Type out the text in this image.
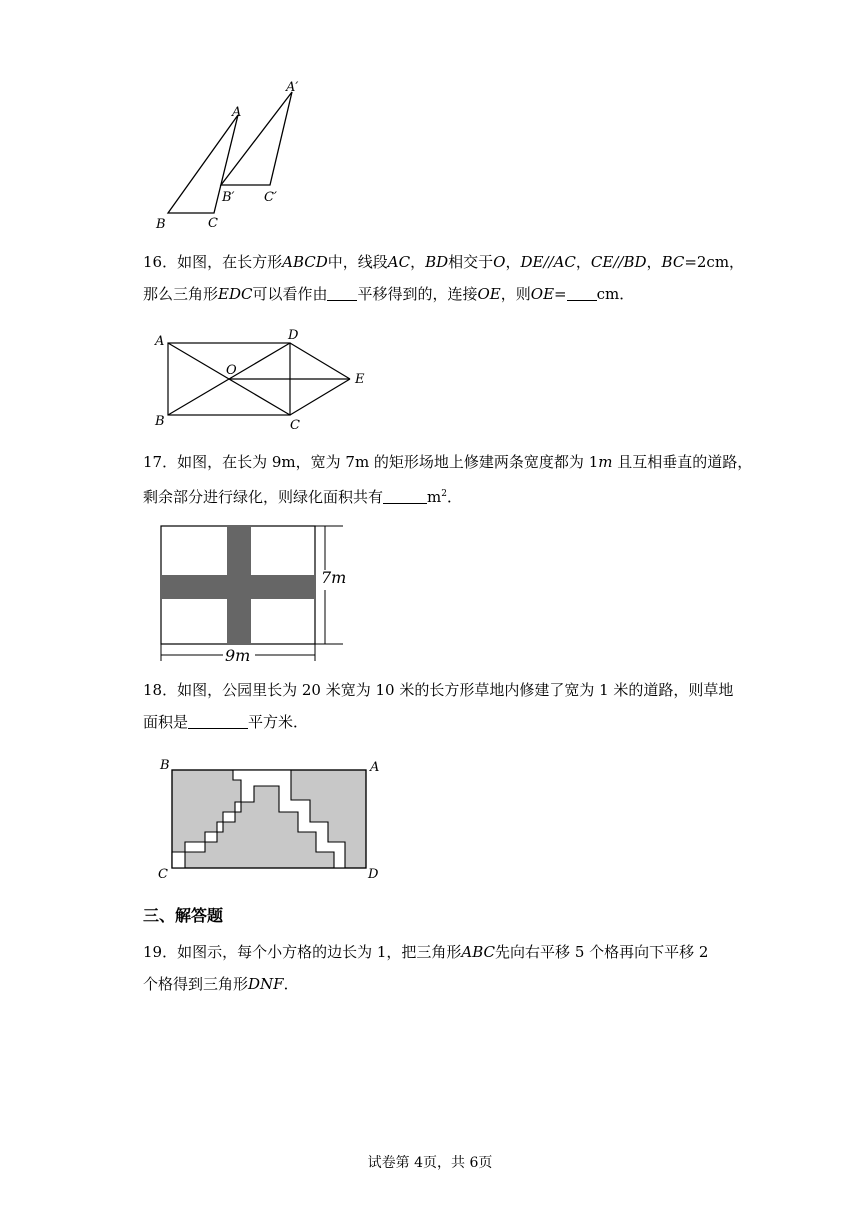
A
A′
B
B′
C
C′

16．如图，在长方形ABCD中，线段AC，BD相交于O，DE//AC，CE//BD，BC=2cm，

那么三角形EDC可以看作由 平移得到的，连接OE，则OE= cm．

A
B	C
D
E
O

17．如图，在长为 9m，宽为 7m 的矩形场地上修建两条宽度都为 1m 且互相垂直的道路，

剩余部分进行绿化，则绿化面积共有	$m^2$．

7m
9m

18．如图，公园里长为 20 米宽为 10 米的长方形草地内修建了宽为 1 米的道路，则草地

面积是	平方米．

B	A
C	D
三、解答题

19．如图示，每个小方格的边长为 1，把三角形ABC先向右平移 5 个格再向下平移 2

个格得到三角形DNF．

试卷第 4页，共 6页
